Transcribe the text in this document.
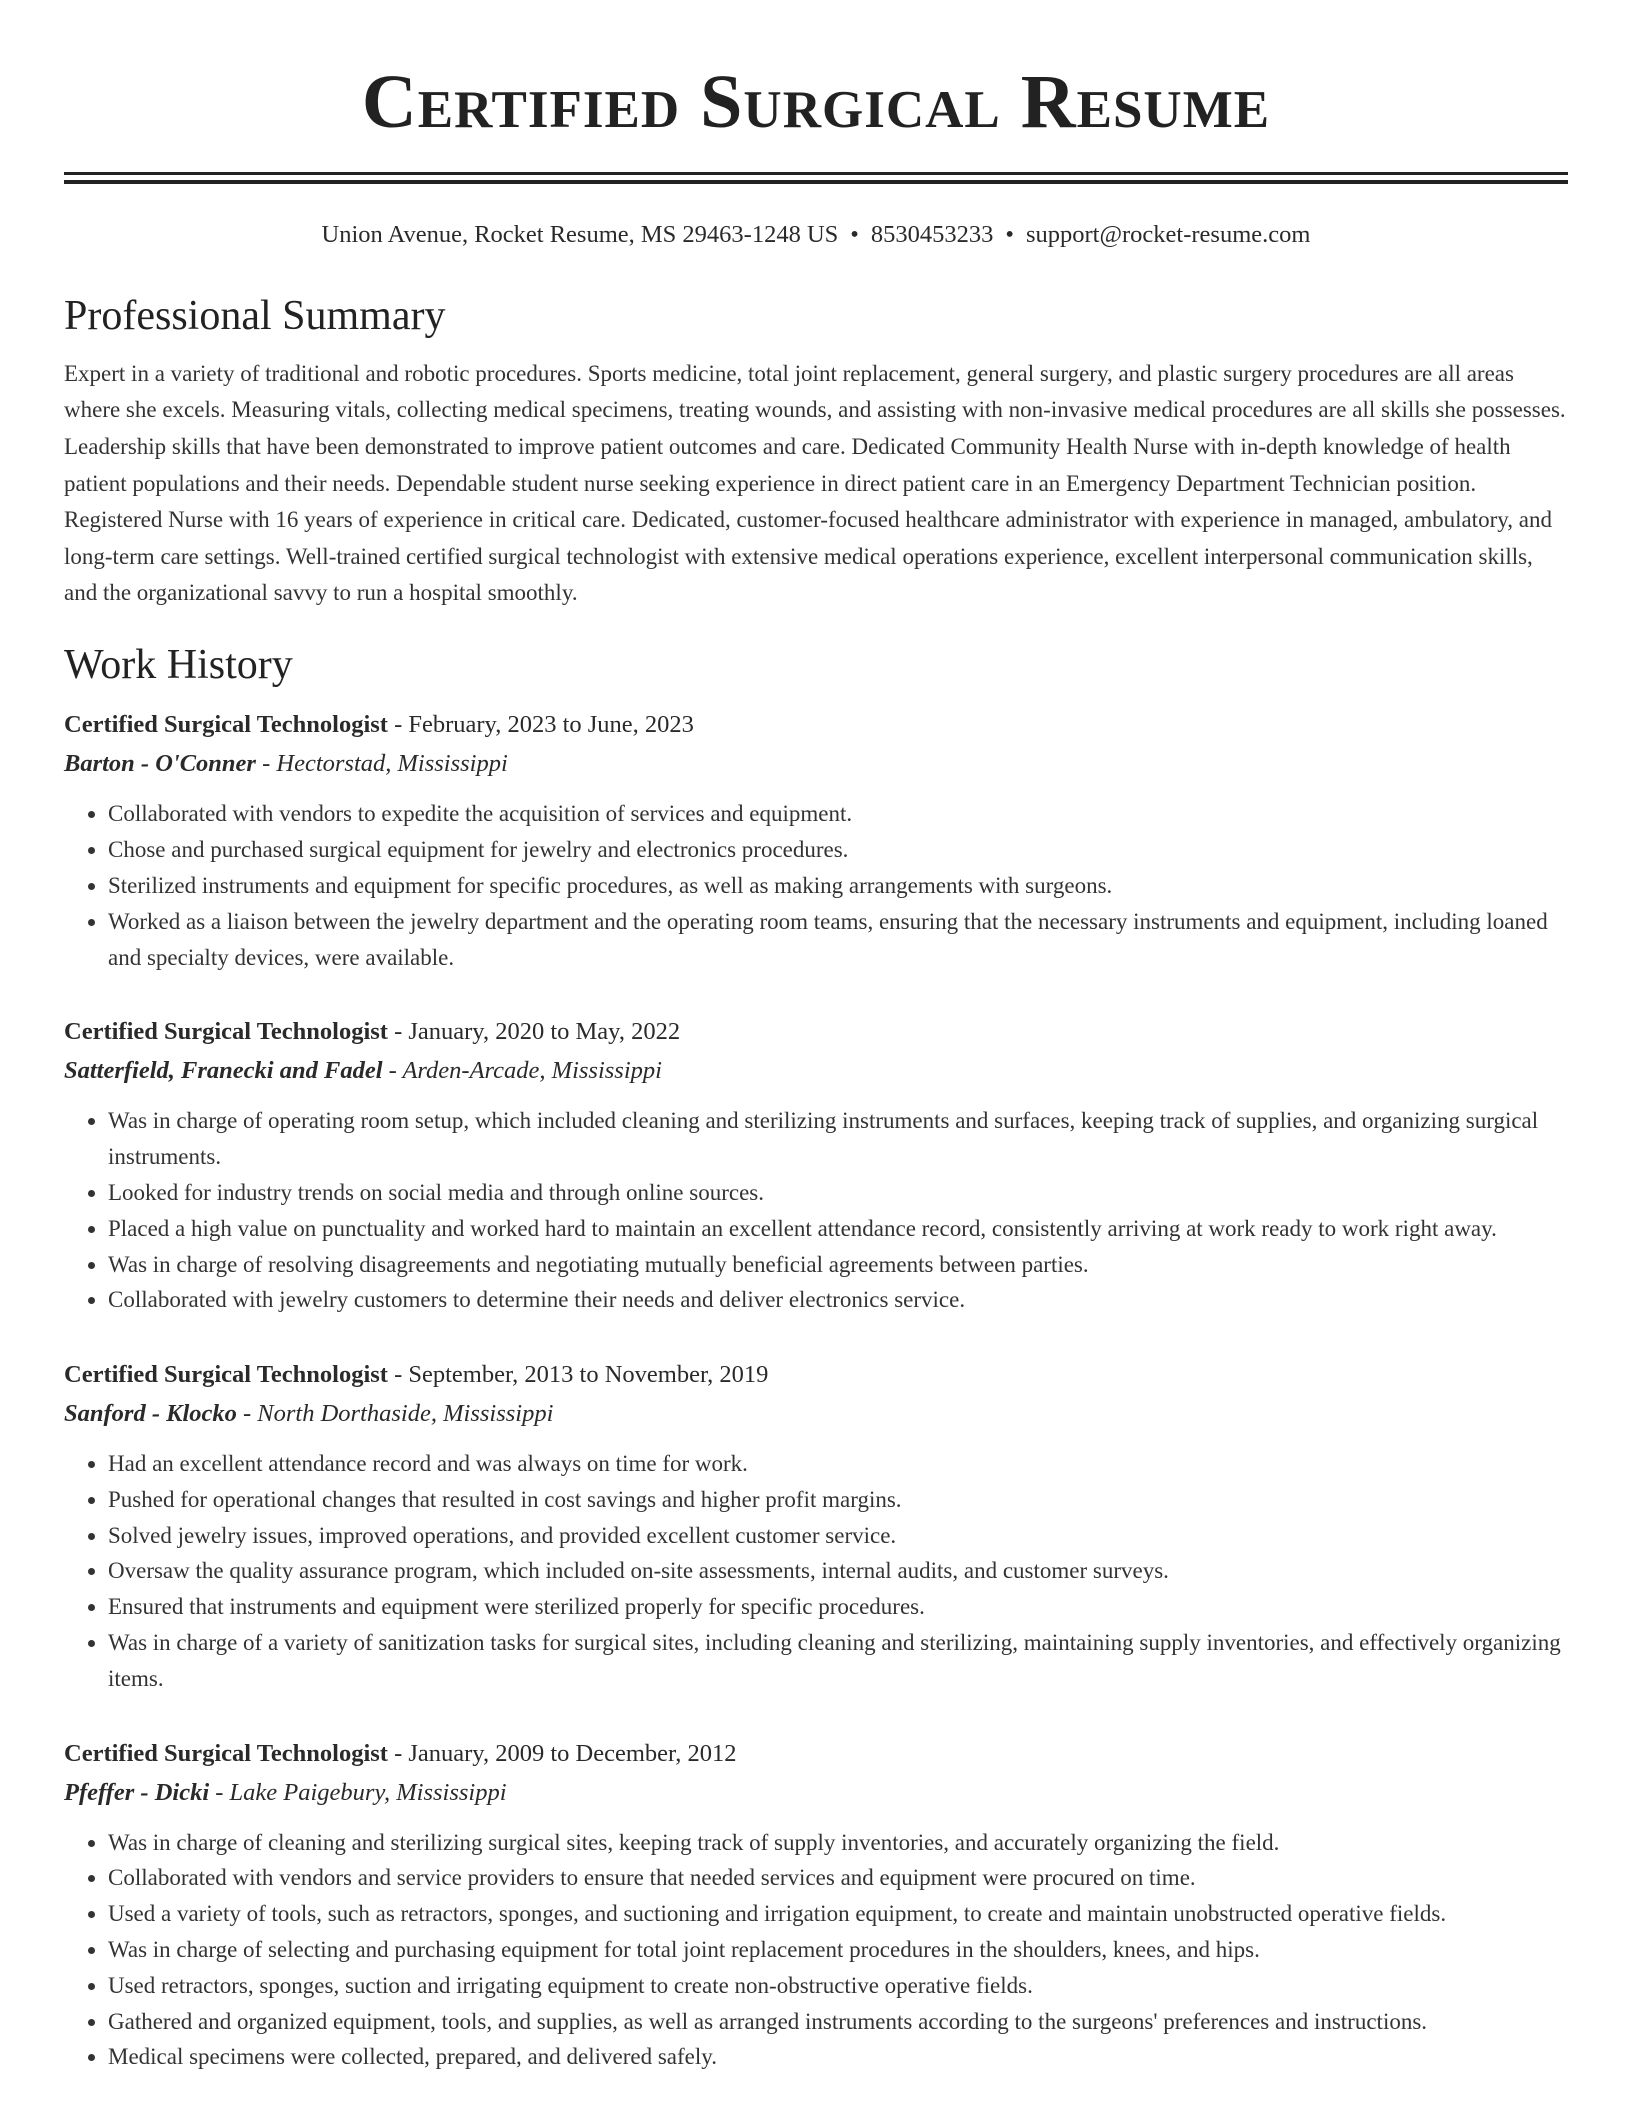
Certified Surgical Resume
Union Avenue, Rocket Resume, MS 29463-1248 US • 8530453233 • support@rocket-resume.com
Professional Summary

Expert in a variety of traditional and robotic procedures. Sports medicine, total joint replacement, general surgery, and plastic surgery procedures are all areas where she excels. Measuring vitals, collecting medical specimens, treating wounds, and assisting with non-invasive medical procedures are all skills she possesses. Leadership skills that have been demonstrated to improve patient outcomes and care. Dedicated Community Health Nurse with in-depth knowledge of health patient populations and their needs. Dependable student nurse seeking experience in direct patient care in an Emergency Department Technician position. Registered Nurse with 16 years of experience in critical care. Dedicated, customer-focused healthcare administrator with experience in managed, ambulatory, and long-term care settings. Well-trained certified surgical technologist with extensive medical operations experience, excellent interpersonal communication skills, and the organizational savvy to run a hospital smoothly.

Work History
Certified Surgical Technologist - February, 2023 to June, 2023
Barton - O'Conner - Hectorstad, Mississippi
• Collaborated with vendors to expedite the acquisition of services and equipment.
• Chose and purchased surgical equipment for jewelry and electronics procedures.
• Sterilized instruments and equipment for specific procedures, as well as making arrangements with surgeons.
• Worked as a liaison between the jewelry department and the operating room teams, ensuring that the necessary instruments and equipment, including loaned and specialty devices, were available.
Certified Surgical Technologist - January, 2020 to May, 2022
Satterfield, Franecki and Fadel - Arden-Arcade, Mississippi
• Was in charge of operating room setup, which included cleaning and sterilizing instruments and surfaces, keeping track of supplies, and organizing surgical instruments.
• Looked for industry trends on social media and through online sources.
• Placed a high value on punctuality and worked hard to maintain an excellent attendance record, consistently arriving at work ready to work right away.
• Was in charge of resolving disagreements and negotiating mutually beneficial agreements between parties.
• Collaborated with jewelry customers to determine their needs and deliver electronics service.
Certified Surgical Technologist - September, 2013 to November, 2019
Sanford - Klocko - North Dorthaside, Mississippi
• Had an excellent attendance record and was always on time for work.
• Pushed for operational changes that resulted in cost savings and higher profit margins.
• Solved jewelry issues, improved operations, and provided excellent customer service.
• Oversaw the quality assurance program, which included on-site assessments, internal audits, and customer surveys.
• Ensured that instruments and equipment were sterilized properly for specific procedures.
• Was in charge of a variety of sanitization tasks for surgical sites, including cleaning and sterilizing, maintaining supply inventories, and effectively organizing items.
Certified Surgical Technologist - January, 2009 to December, 2012
Pfeffer - Dicki - Lake Paigebury, Mississippi
• Was in charge of cleaning and sterilizing surgical sites, keeping track of supply inventories, and accurately organizing the field.
• Collaborated with vendors and service providers to ensure that needed services and equipment were procured on time.
• Used a variety of tools, such as retractors, sponges, and suctioning and irrigation equipment, to create and maintain unobstructed operative fields.
• Was in charge of selecting and purchasing equipment for total joint replacement procedures in the shoulders, knees, and hips.
• Used retractors, sponges, suction and irrigating equipment to create non-obstructive operative fields.
• Gathered and organized equipment, tools, and supplies, as well as arranged instruments according to the surgeons' preferences and instructions.
• Medical specimens were collected, prepared, and delivered safely.
